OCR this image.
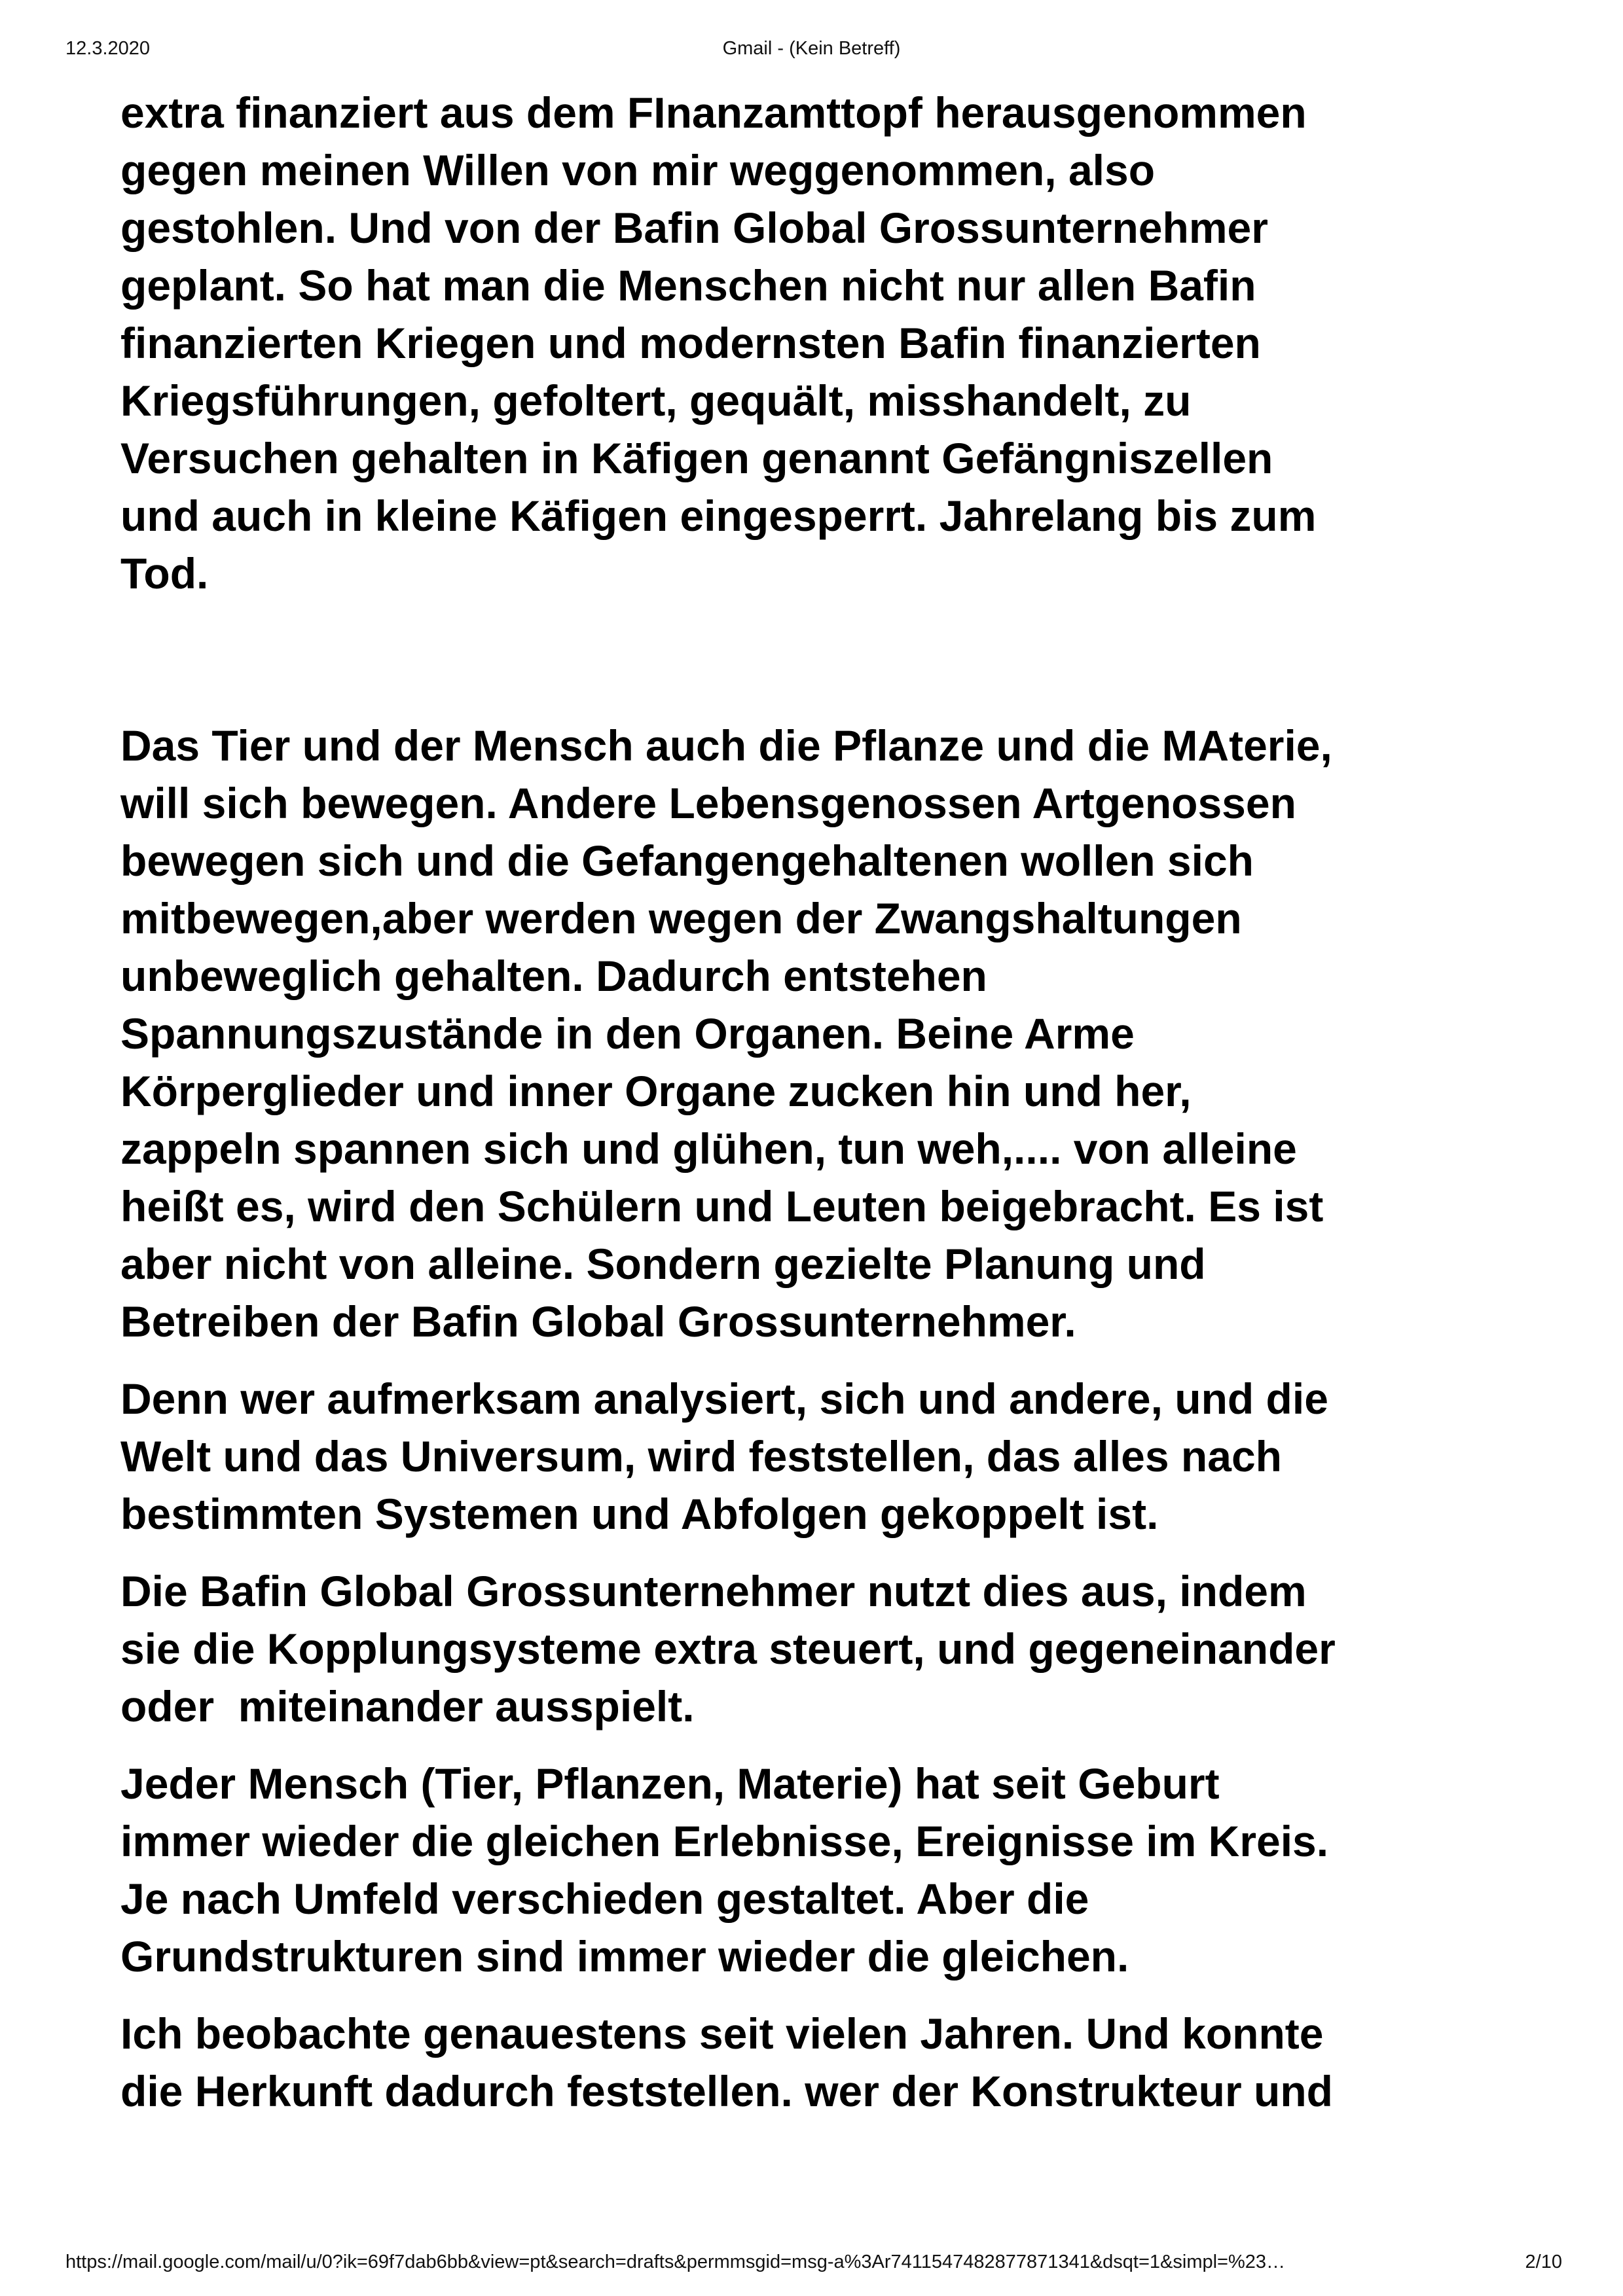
12.3.2020	Gmail - (Kein Betreff)

extra finanziert aus dem FInanzamttopf herausgenommen
gegen meinen Willen von mir weggenommen, also
gestohlen. Und von der Bafin Global Grossunternehmer
geplant. So hat man die Menschen nicht nur allen Bafin
finanzierten Kriegen und modernsten Bafin finanzierten
Kriegsführungen, gefoltert, gequält, misshandelt, zu
Versuchen gehalten in Käfigen genannt Gefängniszellen
und auch in kleine Käfigen eingesperrt. Jahrelang bis zum
Tod.

Das Tier und der Mensch auch die Pflanze und die MAterie,
will sich bewegen. Andere Lebensgenossen Artgenossen
bewegen sich und die Gefangengehaltenen wollen sich
mitbewegen,aber werden wegen der Zwangshaltungen
unbeweglich gehalten. Dadurch entstehen
Spannungszustände in den Organen. Beine Arme
Körperglieder und inner Organe zucken hin und her,
zappeln spannen sich und glühen, tun weh,.... von alleine
heißt es, wird den Schülern und Leuten beigebracht. Es ist
aber nicht von alleine. Sondern gezielte Planung und
Betreiben der Bafin Global Grossunternehmer.

Denn wer aufmerksam analysiert, sich und andere, und die
Welt und das Universum, wird feststellen, das alles nach
bestimmten Systemen und Abfolgen gekoppelt ist.

Die Bafin Global Grossunternehmer nutzt dies aus, indem
sie die Kopplungsysteme extra steuert, und gegeneinander
oder  miteinander ausspielt.

Jeder Mensch (Tier, Pflanzen, Materie) hat seit Geburt
immer wieder die gleichen Erlebnisse, Ereignisse im Kreis.
Je nach Umfeld verschieden gestaltet. Aber die
Grundstrukturen sind immer wieder die gleichen.

Ich beobachte genauestens seit vielen Jahren. Und konnte
die Herkunft dadurch feststellen. wer der Konstrukteur und

https://mail.google.com/mail/u/0?ik=69f7dab6bb&view=pt&search=drafts&permmsgid=msg-a%3Ar7411547482877871341&dsqt=1&simpl=%23…	2/10
